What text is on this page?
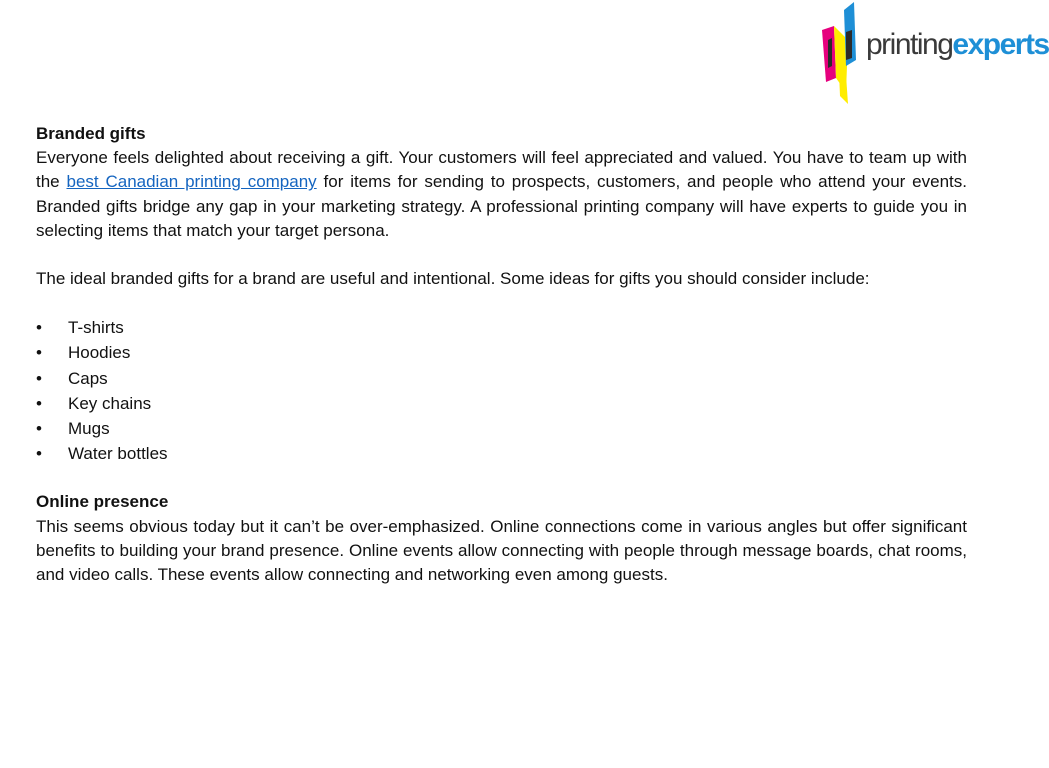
printingexperts

Branded gifts

Everyone feels delighted about receiving a gift. Your customers will feel appreciated and valued. You have to team up with the best Canadian printing company for items for sending to prospects, customers, and people who attend your events. Branded gifts bridge any gap in your marketing strategy. A professional printing company will have experts to guide you in selecting items that match your target persona.

The ideal branded gifts for a brand are useful and intentional. Some ideas for gifts you should consider include:

• T-shirts
• Hoodies
• Caps
• Key chains
• Mugs
• Water bottles

Online presence

This seems obvious today but it can’t be over-emphasized. Online connections come in various angles but offer significant benefits to building your brand presence. Online events allow connecting with people through message boards, chat rooms, and video calls. These events allow connecting and networking even among guests.
